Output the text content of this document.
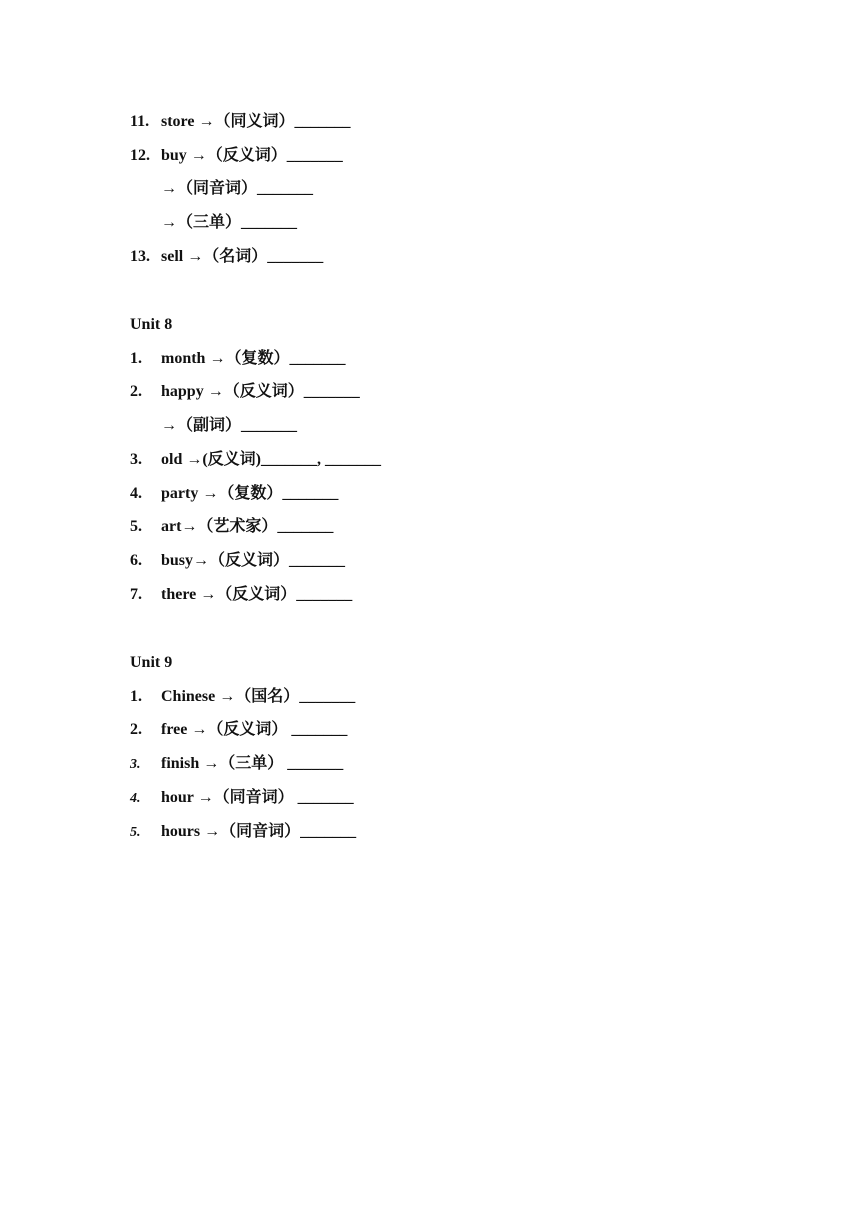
11. store →（同义词）_______
12. buy →（反义词）_______
→（同音词）_______
→（三单）_______
13. sell →（名词）_______
Unit 8
1. month →（复数）_______
2. happy →（反义词）_______
→（副词）_______
3. old →(反义词)_______, _______
4. party →（复数）_______
5. art→（艺术家）_______
6. busy→（反义词）_______
7. there →（反义词）_______
Unit 9
1. Chinese →（国名）_______
2. free →（反义词） _______
3. finish →（三单） _______
4. hour →（同音词） _______
5. hours →（同音词）_______
